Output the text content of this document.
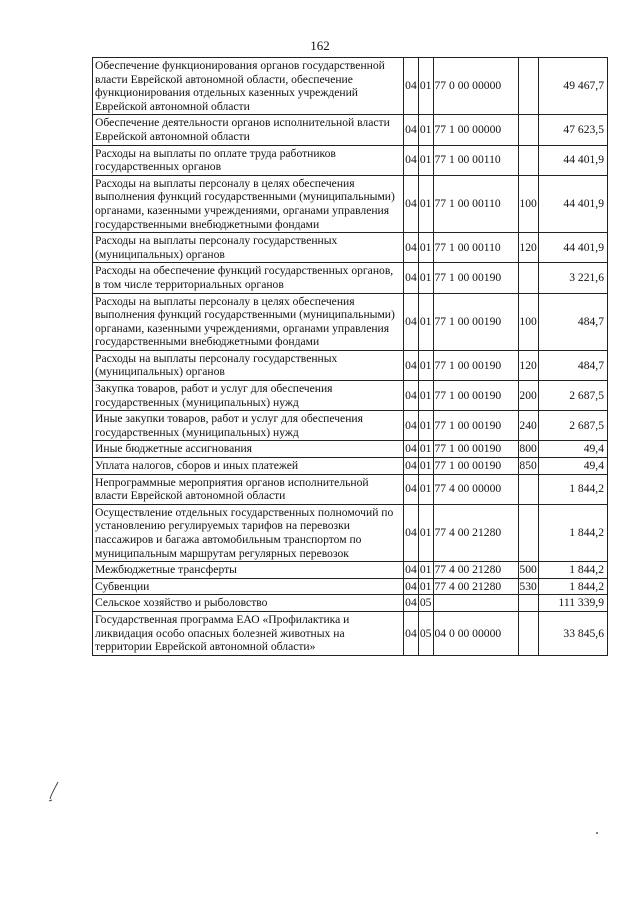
162
Обеспечение функционирования органов государственной власти Еврейской автономной области, обеспечение функционирования отдельных казенных учреждений Еврейской автономной области	04	01	77 0 00 00000		49 467,7
Обеспечение деятельности органов исполнительной власти Еврейской автономной области	04	01	77 1 00 00000		47 623,5
Расходы на выплаты по оплате труда работников государственных органов	04	01	77 1 00 00110		44 401,9
Расходы на выплаты персоналу в целях обеспечения выполнения функций государственными (муниципальными) органами, казенными учреждениями, органами управления государственными внебюджетными фондами	04	01	77 1 00 00110	100	44 401,9
Расходы на выплаты персоналу государственных (муниципальных) органов	04	01	77 1 00 00110	120	44 401,9
Расходы на обеспечение функций государственных органов, в том числе территориальных органов	04	01	77 1 00 00190		3 221,6
Расходы на выплаты персоналу в целях обеспечения выполнения функций государственными (муниципальными) органами, казенными учреждениями, органами управления государственными внебюджетными фондами	04	01	77 1 00 00190	100	484,7
Расходы на выплаты персоналу государственных (муниципальных) органов	04	01	77 1 00 00190	120	484,7
Закупка товаров, работ и услуг для обеспечения государственных (муниципальных) нужд	04	01	77 1 00 00190	200	2 687,5
Иные закупки товаров, работ и услуг для обеспечения государственных (муниципальных) нужд	04	01	77 1 00 00190	240	2 687,5
Иные бюджетные ассигнования	04	01	77 1 00 00190	800	49,4
Уплата налогов, сборов и иных платежей	04	01	77 1 00 00190	850	49,4
Непрограммные мероприятия органов исполнительной власти Еврейской автономной области	04	01	77 4 00 00000		1 844,2
Осуществление отдельных государственных полномочий по установлению регулируемых тарифов на перевозки пассажиров и багажа автомобильным транспортом по муниципальным маршрутам регулярных перевозок	04	01	77 4 00 21280		1 844,2
Межбюджетные трансферты	04	01	77 4 00 21280	500	1 844,2
Субвенции	04	01	77 4 00 21280	530	1 844,2
Сельское хозяйство и рыболовство	04	05			111 339,9
Государственная программа ЕАО «Профилактика и ликвидация особо опасных болезней животных на территории Еврейской автономной области»	04	05	04 0 00 00000		33 845,6
